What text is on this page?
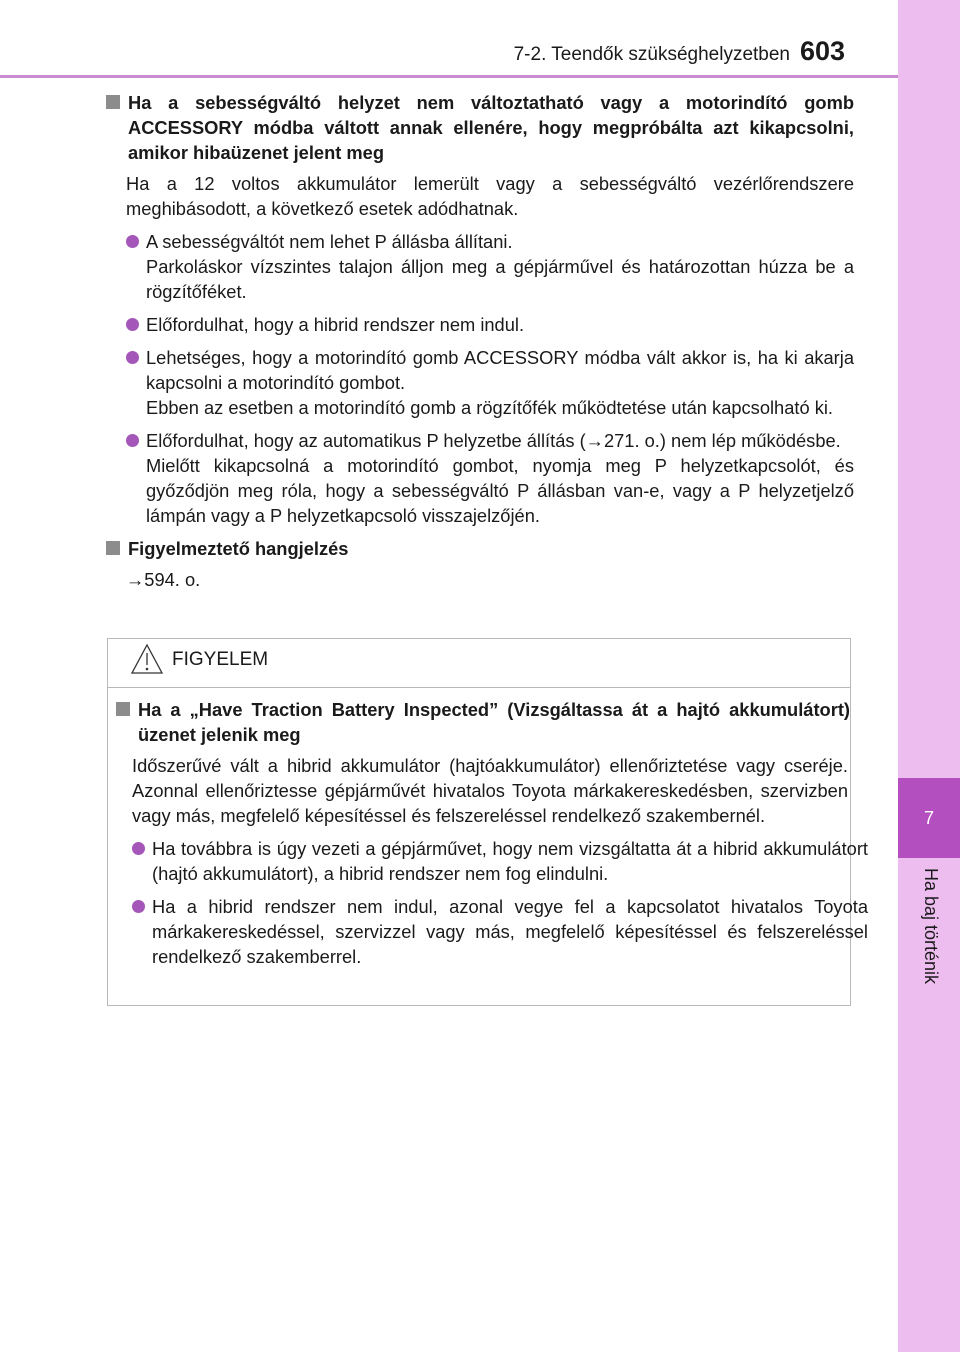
7
Ha baj történik
7-2. Teendők szükséghelyzetben 603
Ha a sebességváltó helyzet nem változtatható vagy a motorindító gomb ACCESSORY módba váltott annak ellenére, hogy megpróbálta azt kikapcsolni, amikor hibaüzenet jelent meg
Ha a 12 voltos akkumulátor lemerült vagy a sebességváltó vezérlőrendszere meghibásodott, a következő esetek adódhatnak.
A sebességváltót nem lehet P állásba állítani.
Parkoláskor vízszintes talajon álljon meg a gépjárművel és határozottan húzza be a rögzítőféket.
Előfordulhat, hogy a hibrid rendszer nem indul.
Lehetséges, hogy a motorindító gomb ACCESSORY módba vált akkor is, ha ki akarja kapcsolni a motorindító gombot.
Ebben az esetben a motorindító gomb a rögzítőfék működtetése után kapcsolható ki.
Előfordulhat, hogy az automatikus P helyzetbe állítás (→271. o.) nem lép működésbe.
Mielőtt kikapcsolná a motorindító gombot, nyomja meg P helyzetkapcsolót, és győződjön meg róla, hogy a sebességváltó P állásban van-e, vagy a P helyzetjelző lámpán vagy a P helyzetkapcsoló visszajelzőjén.
Figyelmeztető hangjelzés
→594. o.
FIGYELEM
Ha a „Have Traction Battery Inspected” (Vizsgáltassa át a hajtó akkumulátort) üzenet jelenik meg
Időszerűvé vált a hibrid akkumulátor (hajtóakkumulátor) ellenőriztetése vagy cseréje. Azonnal ellenőriztesse gépjárművét hivatalos Toyota márkakereskedésben, szervizben vagy más, megfelelő képesítéssel és felszereléssel rendelkező szakembernél.
Ha továbbra is úgy vezeti a gépjárművet, hogy nem vizsgáltatta át a hibrid akkumulátort (hajtó akkumulátort), a hibrid rendszer nem fog elindulni.
Ha a hibrid rendszer nem indul, azonal vegye fel a kapcsolatot hivatalos Toyota márkakereskedéssel, szervizzel vagy más, megfelelő képesítéssel és felszereléssel rendelkező szakemberrel.
